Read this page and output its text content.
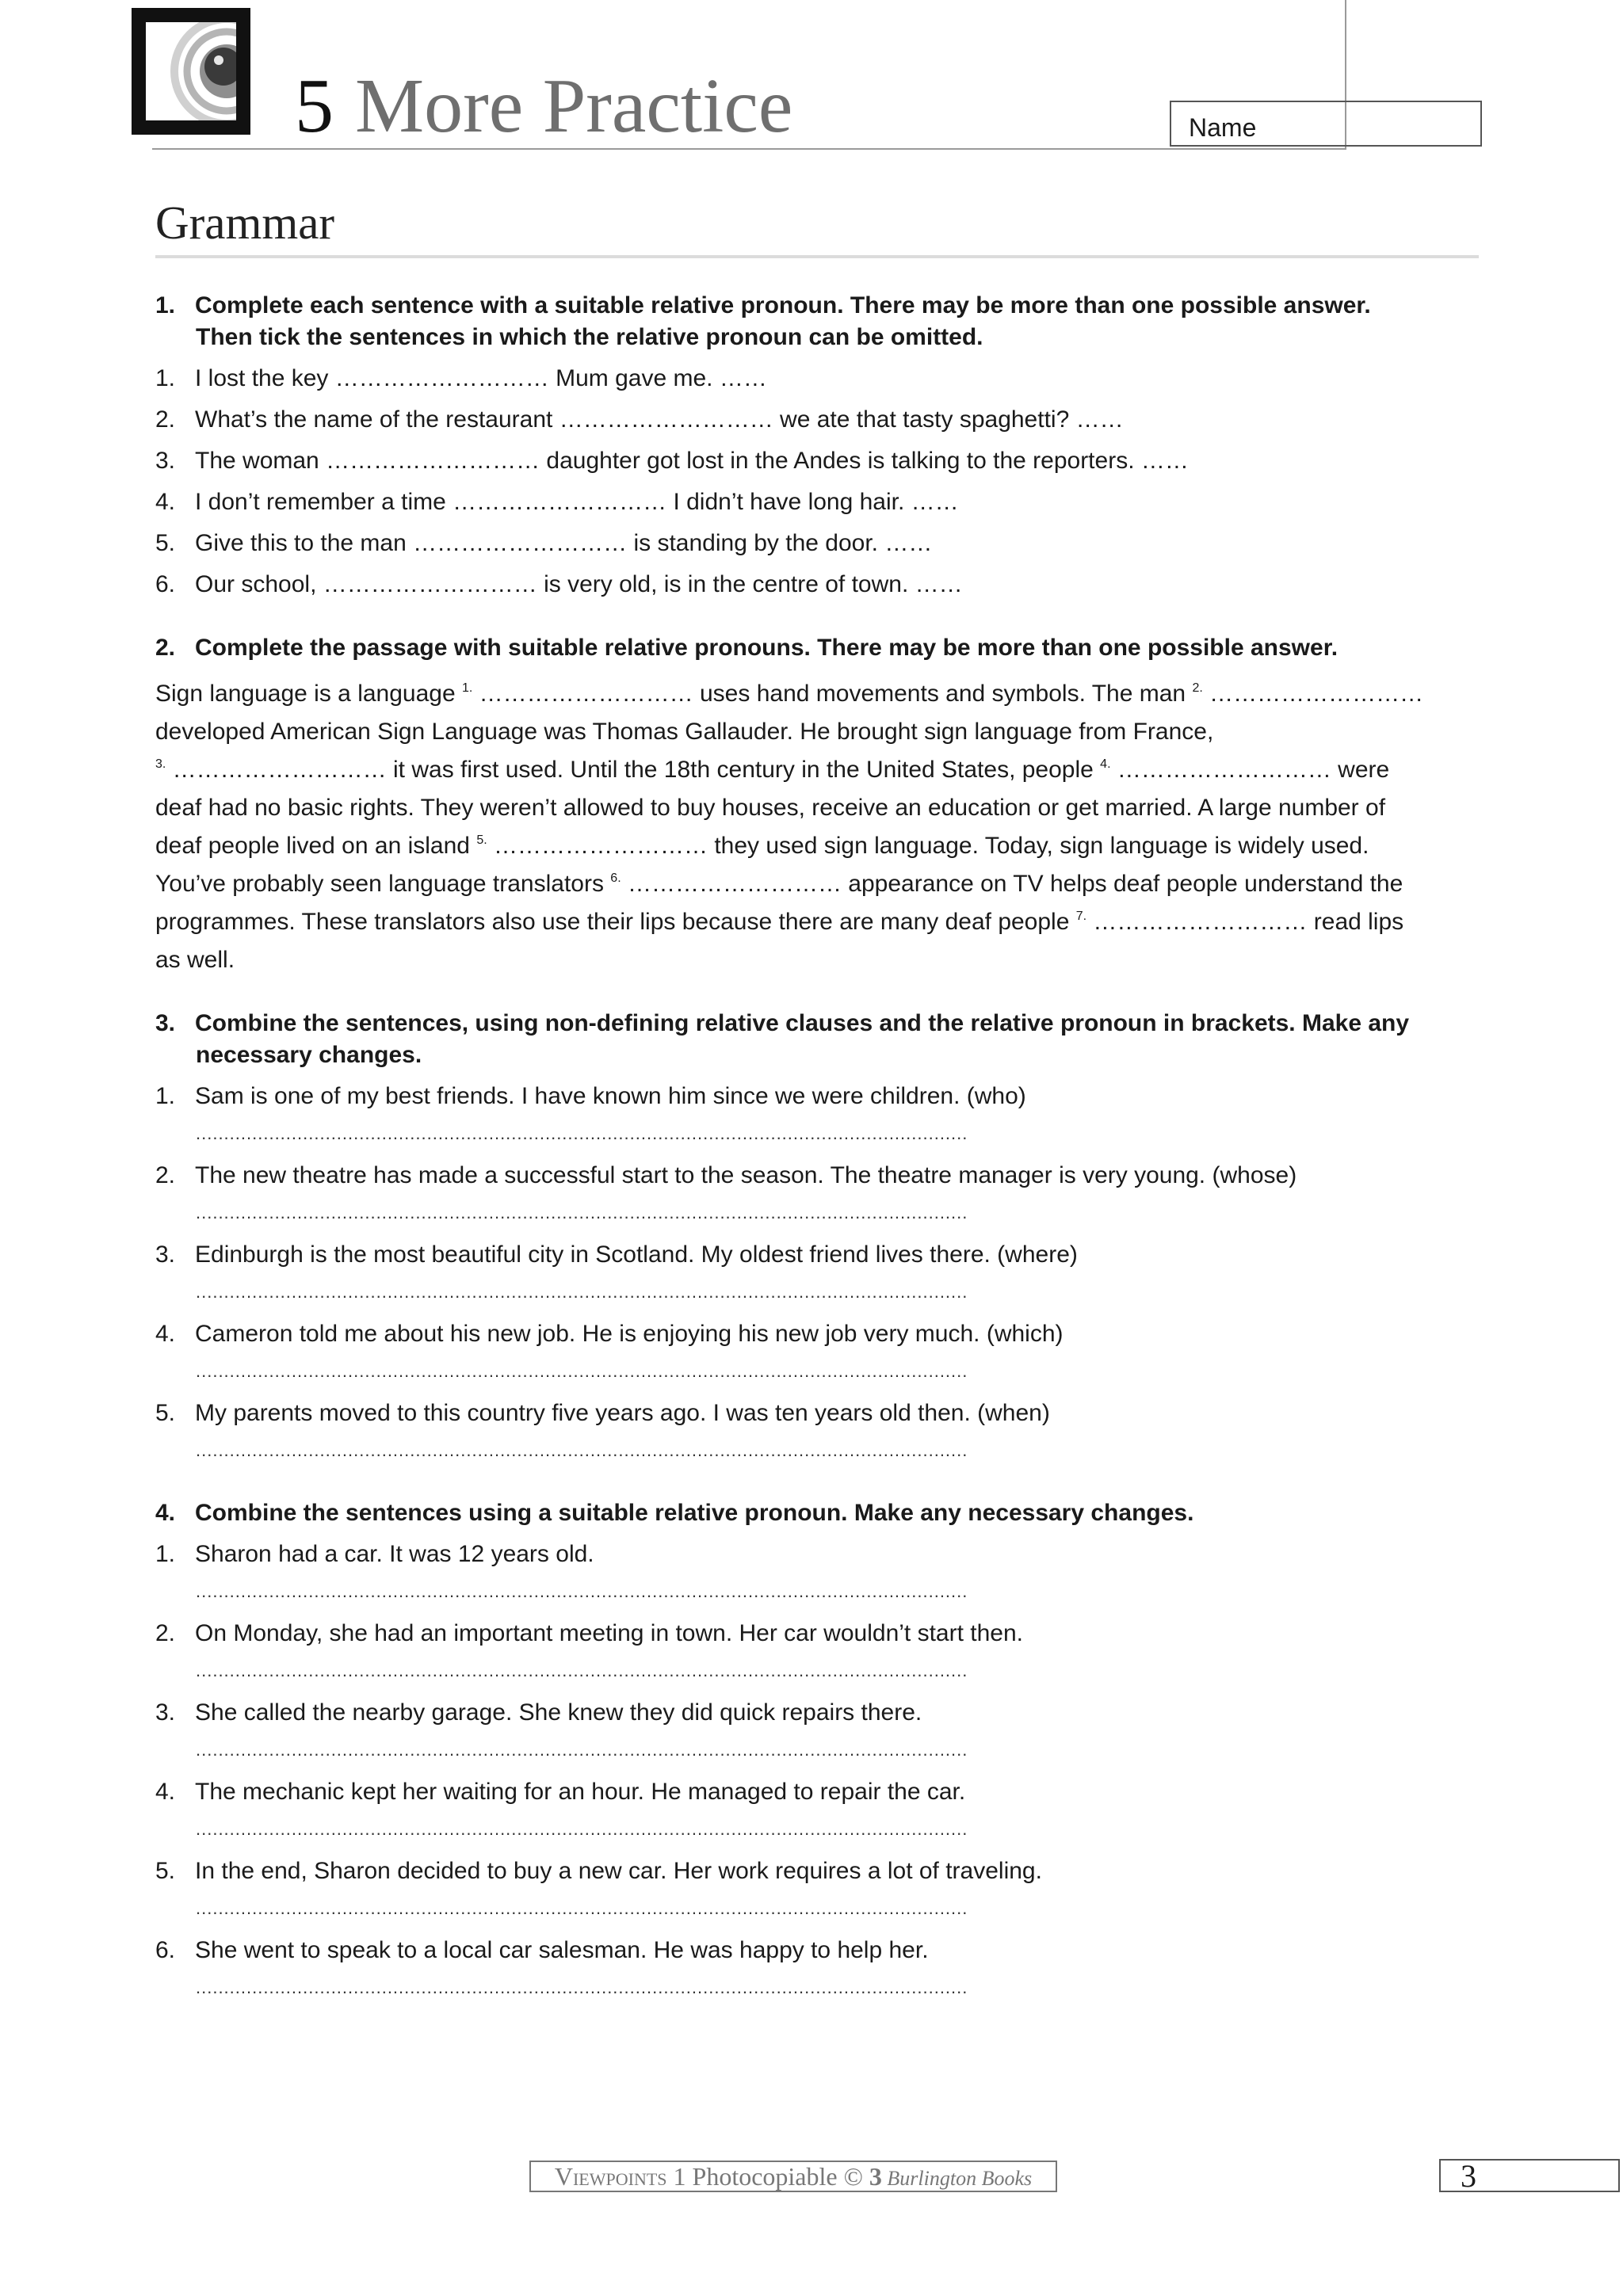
5 More Practice	Name
Grammar
1. Complete each sentence with a suitable relative pronoun. There may be more than one possible answer.
Then tick the sentences in which the relative pronoun can be omitted.
1. I lost the key ……………………… Mum gave me. ……
2. What’s the name of the restaurant ……………………… we ate that tasty spaghetti? ……
3. The woman ……………………… daughter got lost in the Andes is talking to the reporters. ……
4. I don’t remember a time ……………………… I didn’t have long hair. ……
5. Give this to the man ……………………… is standing by the door. ……
6. Our school, ……………………… is very old, is in the centre of town. ……
2. Complete the passage with suitable relative pronouns. There may be more than one possible answer.
Sign language is a language $^{1.}$ ……………………… uses hand movements and symbols. The man $^{2.}$ ………………………
developed American Sign Language was Thomas Gallauder. He brought sign language from France,
$^{3.}$ ……………………… it was first used. Until the 18th century in the United States, people $^{4.}$ ……………………… were
deaf had no basic rights. They weren’t allowed to buy houses, receive an education or get married. A large number of
deaf people lived on an island $^{5.}$ ……………………… they used sign language. Today, sign language is widely used.
You’ve probably seen language translators $^{6.}$ ……………………… appearance on TV helps deaf people understand the
programmes. These translators also use their lips because there are many deaf people $^{7.}$ ……………………… read lips
as well.
3. Combine the sentences, using non-defining relative clauses and the relative pronoun in brackets. Make any
necessary changes.
1. Sam is one of my best friends. I have known him since we were children. (who)
.........................................................................................................................................
2. The new theatre has made a successful start to the season. The theatre manager is very young. (whose)
.........................................................................................................................................
3. Edinburgh is the most beautiful city in Scotland. My oldest friend lives there. (where)
.........................................................................................................................................
4. Cameron told me about his new job. He is enjoying his new job very much. (which)
.........................................................................................................................................
5. My parents moved to this country five years ago. I was ten years old then. (when)
.........................................................................................................................................
4. Combine the sentences using a suitable relative pronoun. Make any necessary changes.
1. Sharon had a car. It was 12 years old.
.........................................................................................................................................
2. On Monday, she had an important meeting in town. Her car wouldn’t start then.
.........................................................................................................................................
3. She called the nearby garage. She knew they did quick repairs there.
.........................................................................................................................................
4. The mechanic kept her waiting for an hour. He managed to repair the car.
.........................................................................................................................................
5. In the end, Sharon decided to buy a new car. Her work requires a lot of traveling.
.........................................................................................................................................
6. She went to speak to a local car salesman. He was happy to help her.
.........................................................................................................................................
Viewpoints 1 Photocopiable © 3 Burlington Books	3
